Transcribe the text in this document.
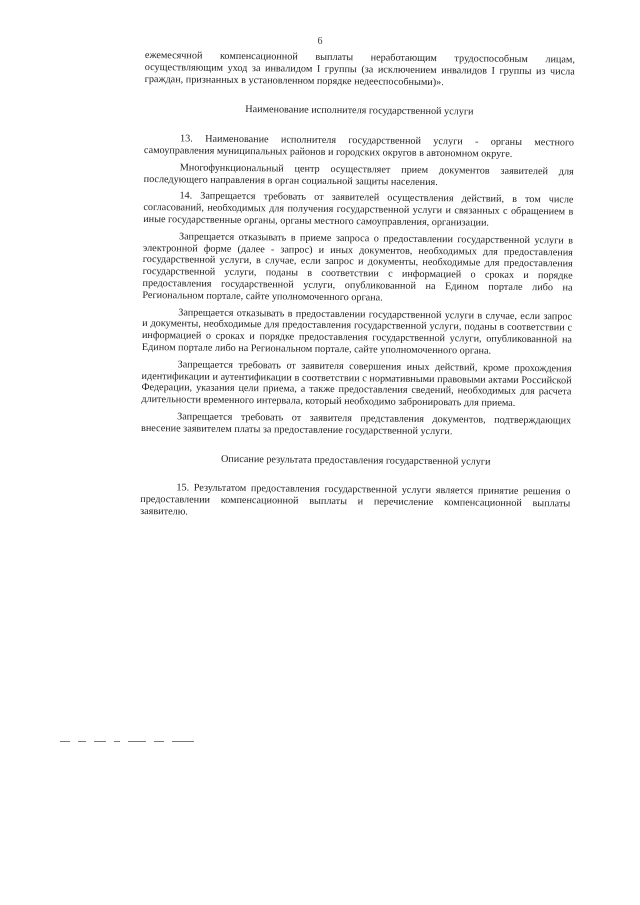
6

ежемесячной компенсационной выплаты неработающим трудоспособным лицам, осуществляющим уход за инвалидом I группы (за исключением инвалидов I группы из числа граждан, признанных в установленном порядке недееспособными)».

Наименование исполнителя государственной услуги

13. Наименование исполнителя государственной услуги - органы местного самоуправления муниципальных районов и городских округов в автономном округе.

Многофункциональный центр осуществляет прием документов заявителей для последующего направления в орган социальной защиты населения.

14. Запрещается требовать от заявителей осуществления действий, в том числе согласований, необходимых для получения государственной услуги и связанных с обращением в иные государственные органы, органы местного самоуправления, организации.

Запрещается отказывать в приеме запроса о предоставлении государственной услуги в электронной форме (далее - запрос) и иных документов, необходимых для предоставления государственной услуги, в случае, если запрос и документы, необходимые для предоставления государственной услуги, поданы в соответствии с информацией о сроках и порядке предоставления государственной услуги, опубликованной на Едином портале либо на Региональном портале, сайте уполномоченного органа.

Запрещается отказывать в предоставлении государственной услуги в случае, если запрос и документы, необходимые для предоставления государственной услуги, поданы в соответствии с информацией о сроках и порядке предоставления государственной услуги, опубликованной на Едином портале либо на Региональном портале, сайте уполномоченного органа.

Запрещается требовать от заявителя совершения иных действий, кроме прохождения идентификации и аутентификации в соответствии с нормативными правовыми актами Российской Федерации, указания цели приема, а также предоставления сведений, необходимых для расчета длительности временного интервала, который необходимо забронировать для приема.

Запрещается требовать от заявителя представления документов, подтверждающих внесение заявителем платы за предоставление государственной услуги.

Описание результата предоставления государственной услуги

15. Результатом предоставления государственной услуги является принятие решения о предоставлении компенсационной выплаты и перечисление компенсационной выплаты заявителю.
